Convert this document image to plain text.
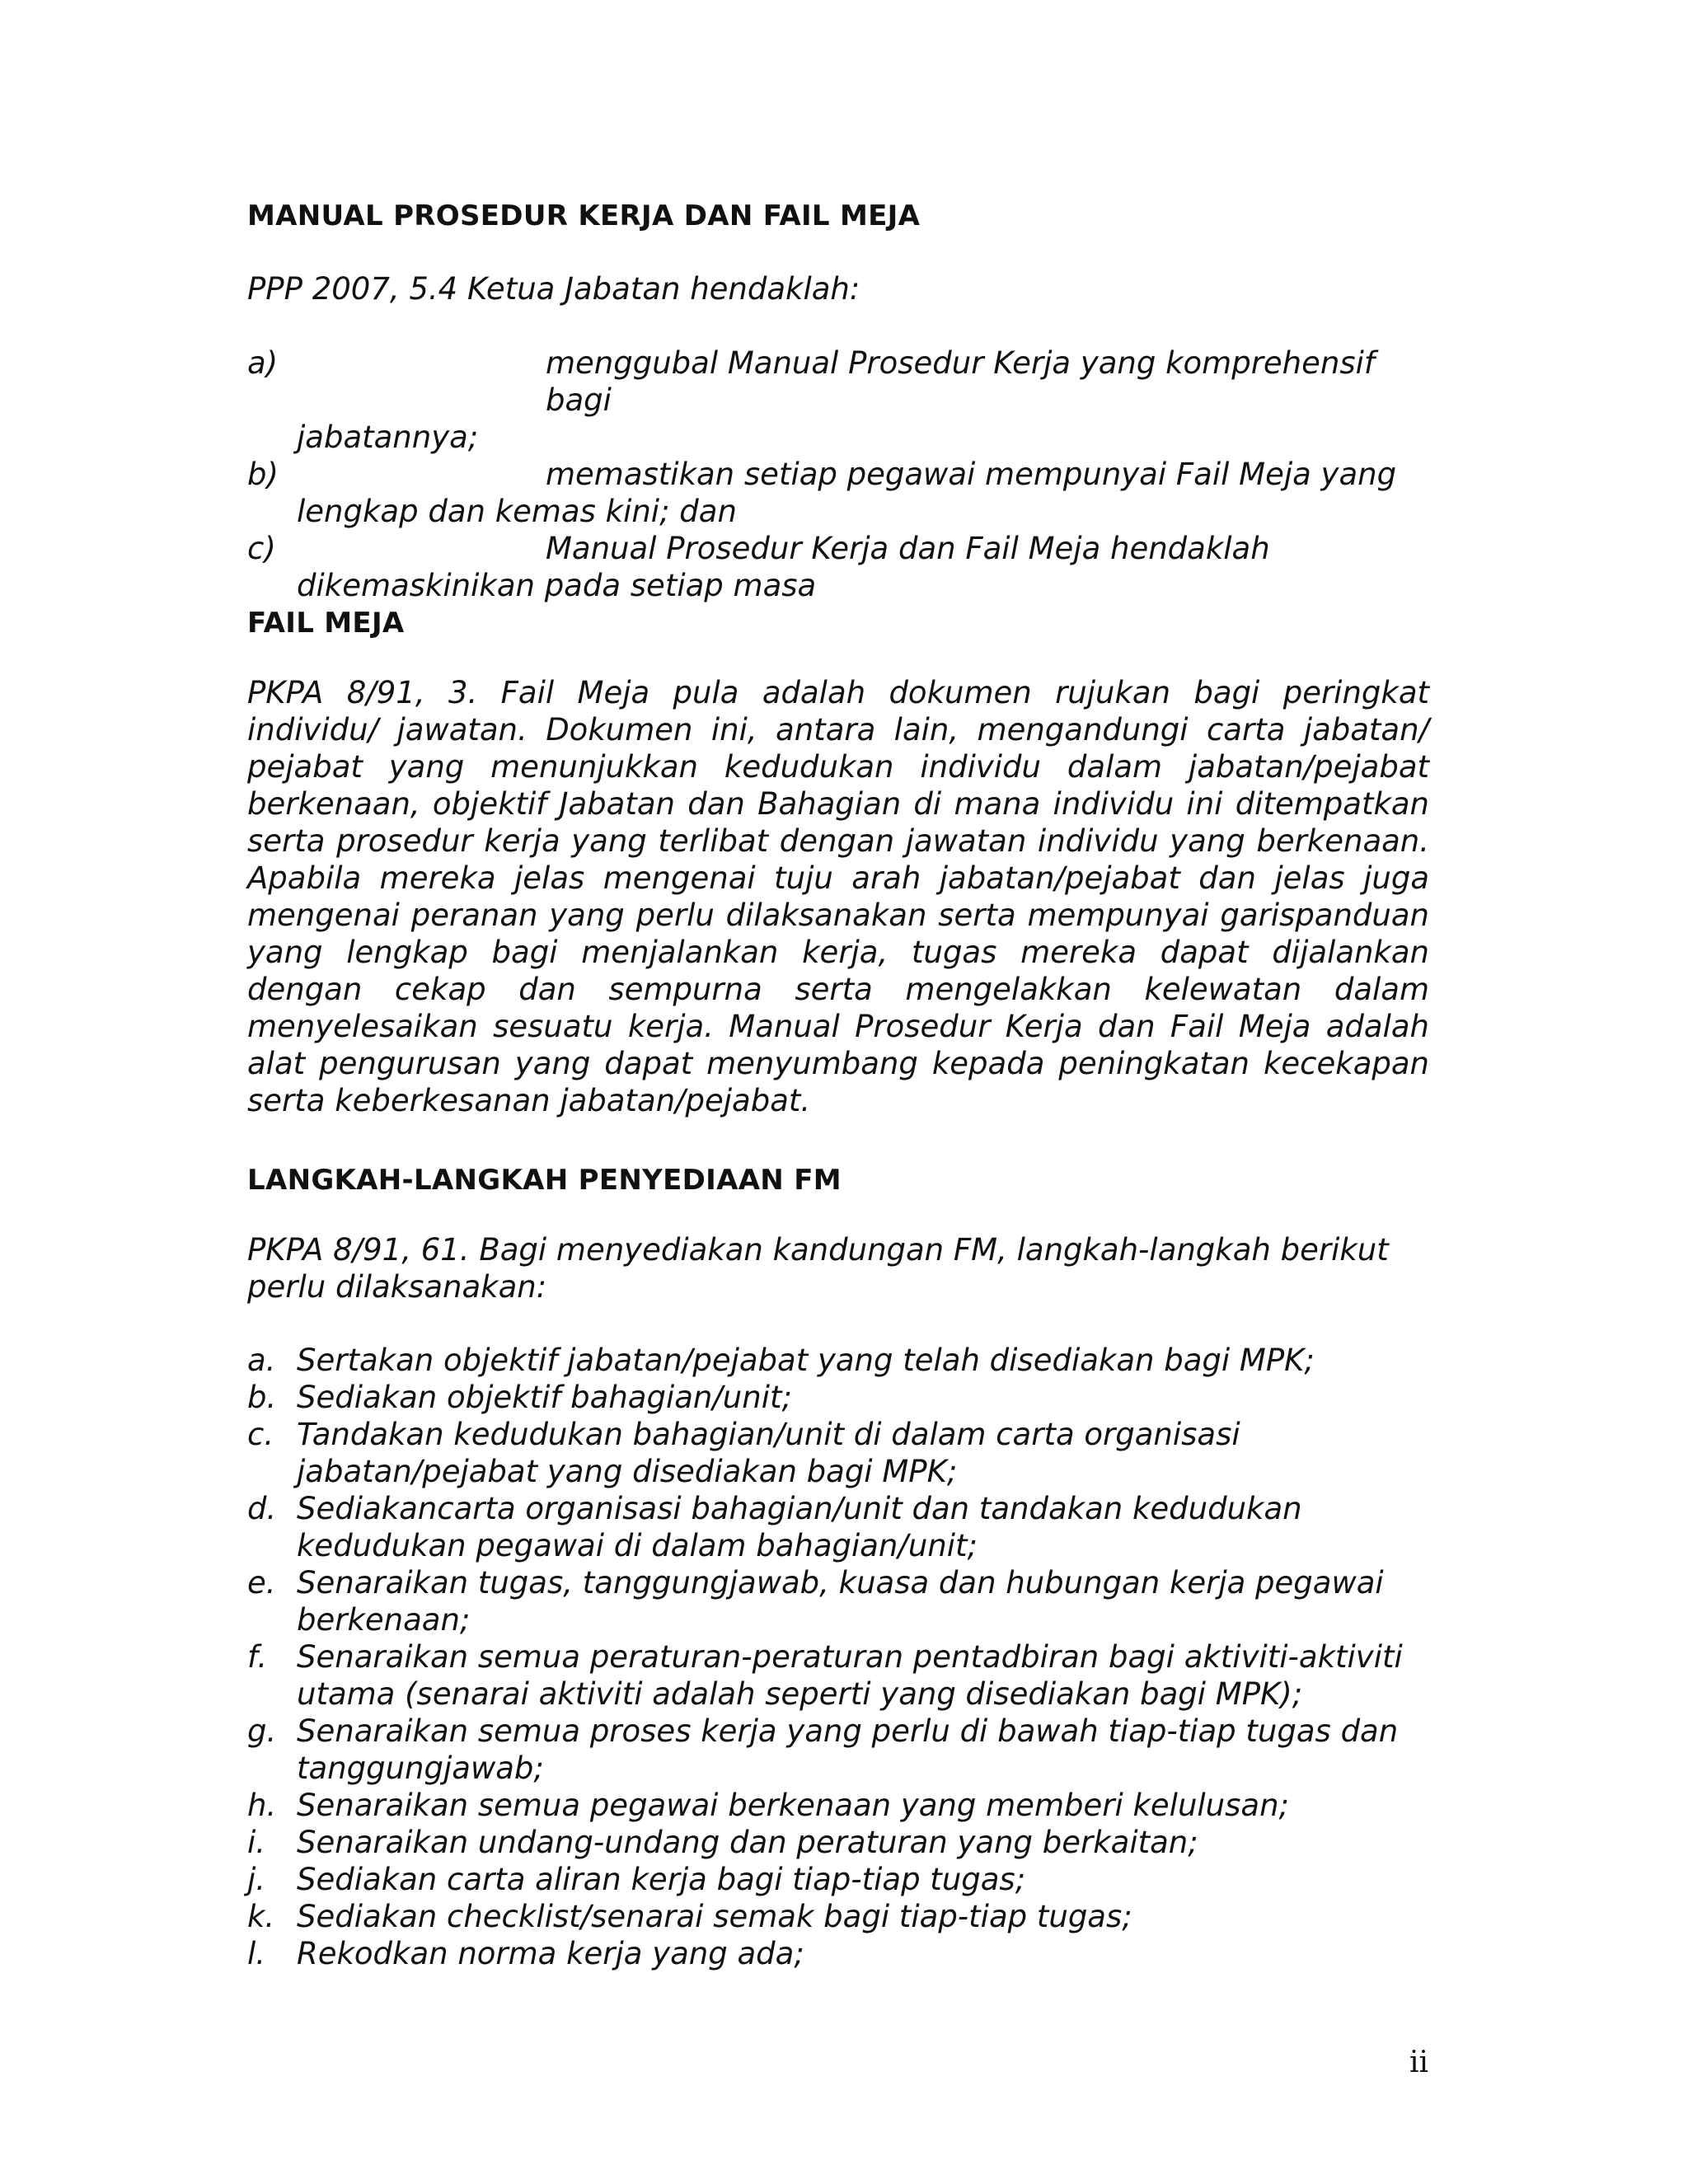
MANUAL PROSEDUR KERJA DAN FAIL MEJA

PPP 2007, 5.4 Ketua Jabatan hendaklah:

a)	menggubal Manual Prosedur Kerja yang komprehensif bagi
jabatannya;
b)	memastikan setiap pegawai mempunyai Fail Meja yang
lengkap dan kemas kini; dan
c)	Manual Prosedur Kerja dan Fail Meja hendaklah
dikemaskinikan pada setiap masa
FAIL MEJA

PKPA 8/91, 3. Fail Meja pula adalah dokumen rujukan bagi peringkat individu/ jawatan. Dokumen ini, antara lain, mengandungi carta jabatan/ pejabat yang menunjukkan kedudukan individu dalam jabatan/pejabat berkenaan, objektif Jabatan dan Bahagian di mana individu ini ditempatkan serta prosedur kerja yang terlibat dengan jawatan individu yang berkenaan. Apabila mereka jelas mengenai tuju arah jabatan/pejabat dan jelas juga mengenai peranan yang perlu dilaksanakan serta mempunyai garispanduan yang lengkap bagi menjalankan kerja, tugas mereka dapat dijalankan dengan cekap dan sempurna serta mengelakkan kelewatan dalam menyelesaikan sesuatu kerja. Manual Prosedur Kerja dan Fail Meja adalah alat pengurusan yang dapat menyumbang kepada peningkatan kecekapan serta keberkesanan jabatan/pejabat.

LANGKAH-LANGKAH PENYEDIAAN FM

PKPA 8/91, 61. Bagi menyediakan kandungan FM, langkah-langkah berikut perlu dilaksanakan:

a. Sertakan objektif jabatan/pejabat yang telah disediakan bagi MPK;
b. Sediakan objektif bahagian/unit;
c. Tandakan kedudukan bahagian/unit di dalam carta organisasi jabatan/pejabat yang disediakan bagi MPK;
d. Sediakancarta organisasi bahagian/unit dan tandakan kedudukan kedudukan pegawai di dalam bahagian/unit;
e. Senaraikan tugas, tanggungjawab, kuasa dan hubungan kerja pegawai berkenaan;
f. Senaraikan semua peraturan-peraturan pentadbiran bagi aktiviti-aktiviti utama (senarai aktiviti adalah seperti yang disediakan bagi MPK);
g. Senaraikan semua proses kerja yang perlu di bawah tiap-tiap tugas dan tanggungjawab;
h. Senaraikan semua pegawai berkenaan yang memberi kelulusan;
i. Senaraikan undang-undang dan peraturan yang berkaitan;
j. Sediakan carta aliran kerja bagi tiap-tiap tugas;
k. Sediakan checklist/senarai semak bagi tiap-tiap tugas;
l. Rekodkan norma kerja yang ada;

ii
